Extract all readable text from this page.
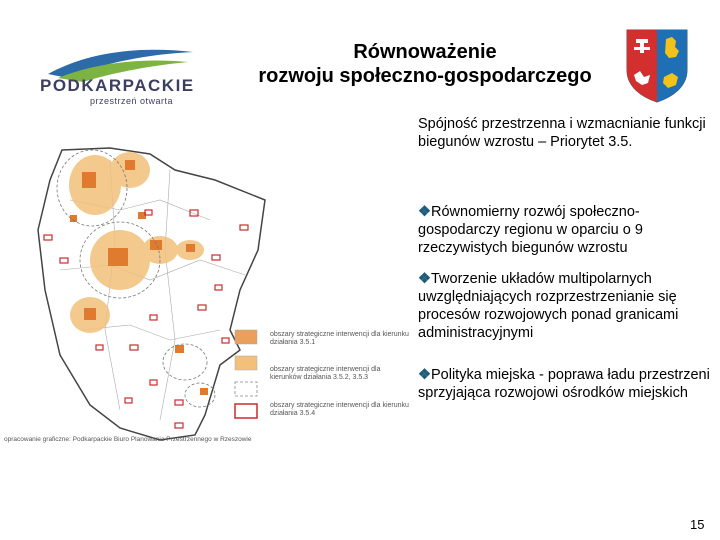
Równoważenie
rozwoju społeczno-gospodarczego
PODKARPACKIE
przestrzeń otwarta
Spójność przestrzenna i wzmacnianie funkcji biegunów wzrostu – Priorytet 3.5.
❖Równomierny rozwój społeczno-gospodarczy regionu w oparciu o 9 rzeczywistych biegunów wzrostu
❖Tworzenie układów multipolarnych uwzględniających rozprzestrzenianie się procesów rozwojowych ponad granicami administracyjnymi
❖Polityka miejska - poprawa ładu przestrzeni sprzyjająca rozwojowi ośrodków miejskich
obszary strategiczne interwencji dla kierunku działania 3.5.1
obszary strategiczne interwencji dla kierunków działania 3.5.2, 3.5.3
obszary strategiczne interwencji dla kierunku działania 3.5.4
opracowanie graficzne: Podkarpackie Biuro Planowania Przestrzennego w Rzeszowie
15
